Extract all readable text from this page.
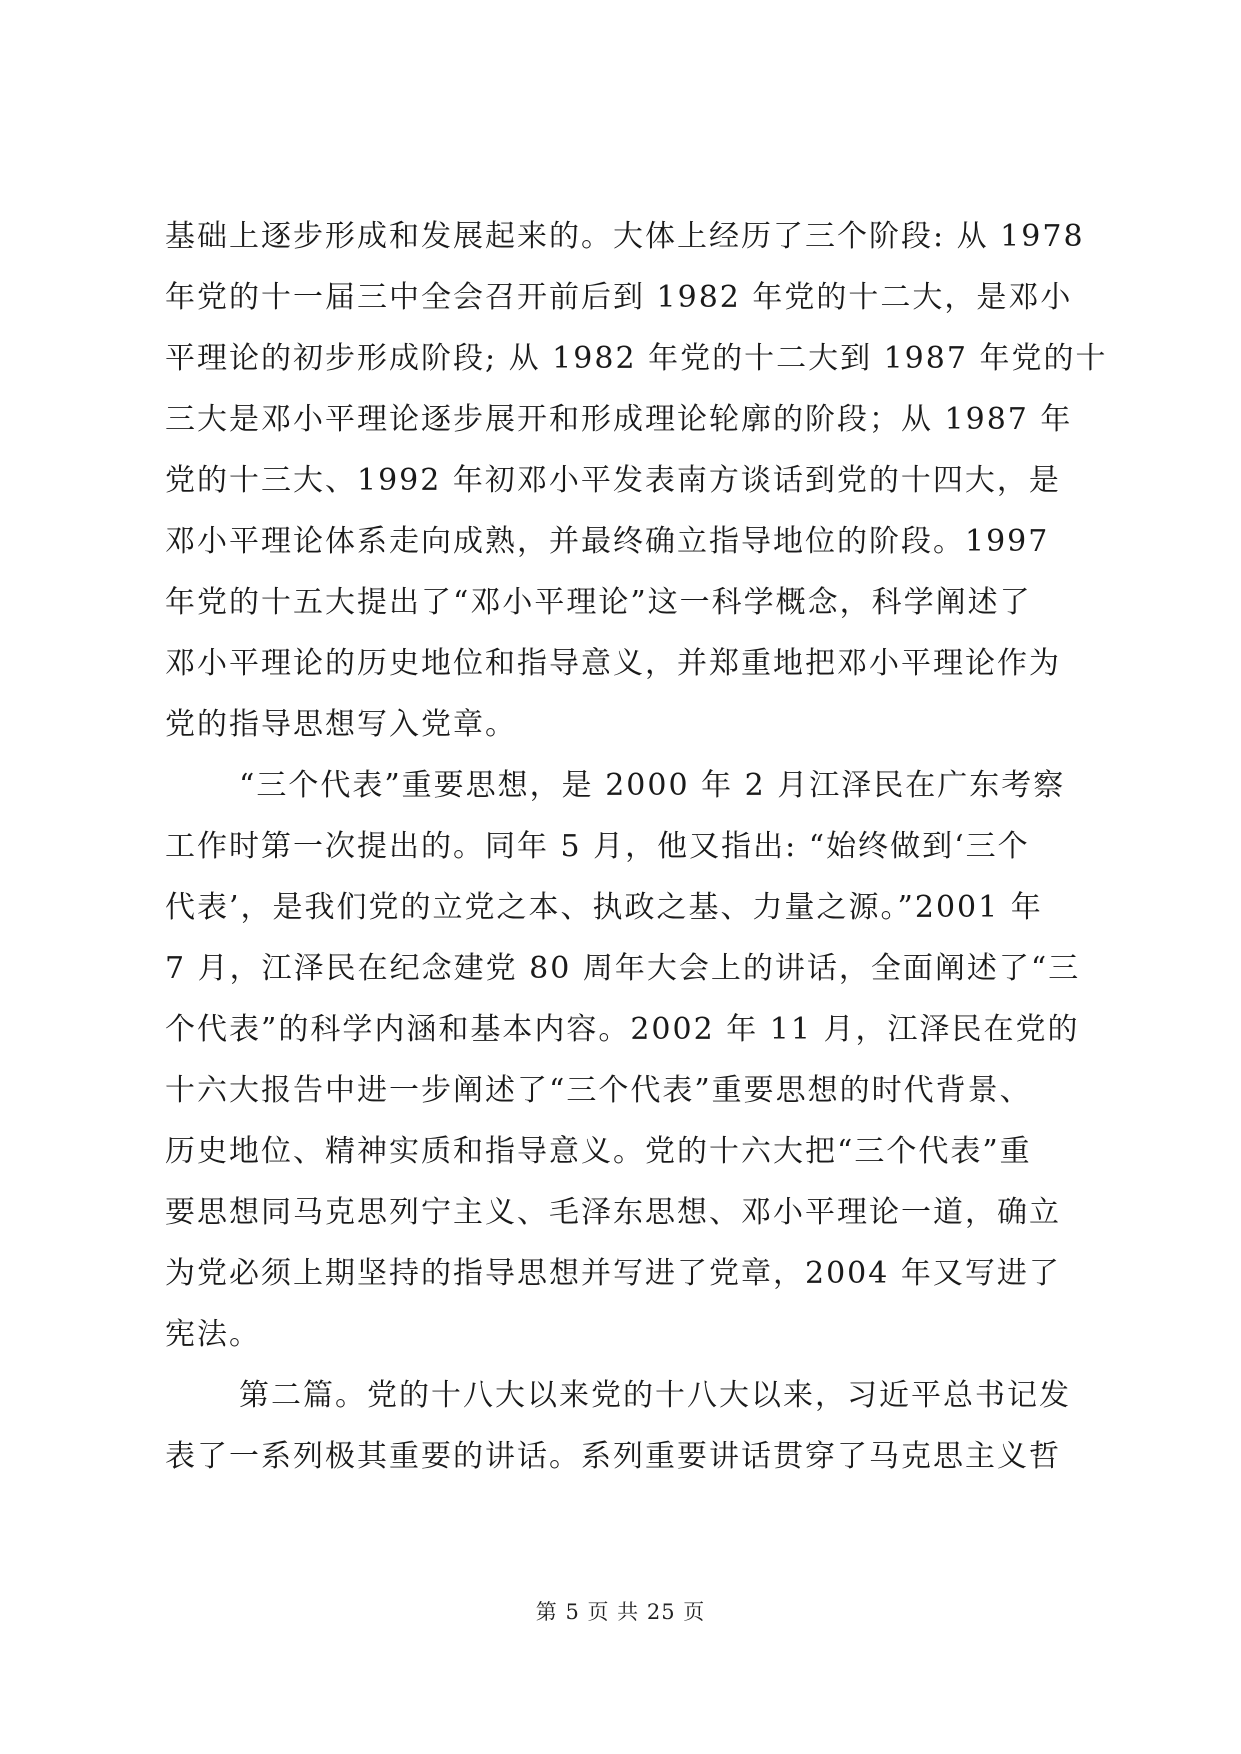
基础上逐步形成和发展起来的。大体上经历了三个阶段: 从 1978
年党的十一届三中全会召开前后到 1982 年党的十二大，是邓小
平理论的初步形成阶段; 从 1982 年党的十二大到 1987 年党的十
三大是邓小平理论逐步展开和形成理论轮廓的阶段；从 1987 年
党的十三大、1992 年初邓小平发表南方谈话到党的十四大，是
邓小平理论体系走向成熟，并最终确立指导地位的阶段。1997
年党的十五大提出了“邓小平理论”这一科学概念，科学阐述了
邓小平理论的历史地位和指导意义，并郑重地把邓小平理论作为
党的指导思想写入党章。

“三个代表”重要思想，是 2000 年 2 月江泽民在广东考察
工作时第一次提出的。同年 5 月，他又指出: “始终做到‘三个
代表’，是我们党的立党之本、执政之基、力量之源。”2001 年
7 月，江泽民在纪念建党 80 周年大会上的讲话，全面阐述了“三
个代表”的科学内涵和基本内容。2002 年 11 月，江泽民在党的
十六大报告中进一步阐述了“三个代表”重要思想的时代背景、
历史地位、精神实质和指导意义。党的十六大把“三个代表”重
要思想同马克思列宁主义、毛泽东思想、邓小平理论一道，确立
为党必须上期坚持的指导思想并写进了党章，2004 年又写进了
宪法。

第二篇。党的十八大以来党的十八大以来，习近平总书记发
表了一系列极其重要的讲话。系列重要讲话贯穿了马克思主义哲

第 5 页 共 25 页
